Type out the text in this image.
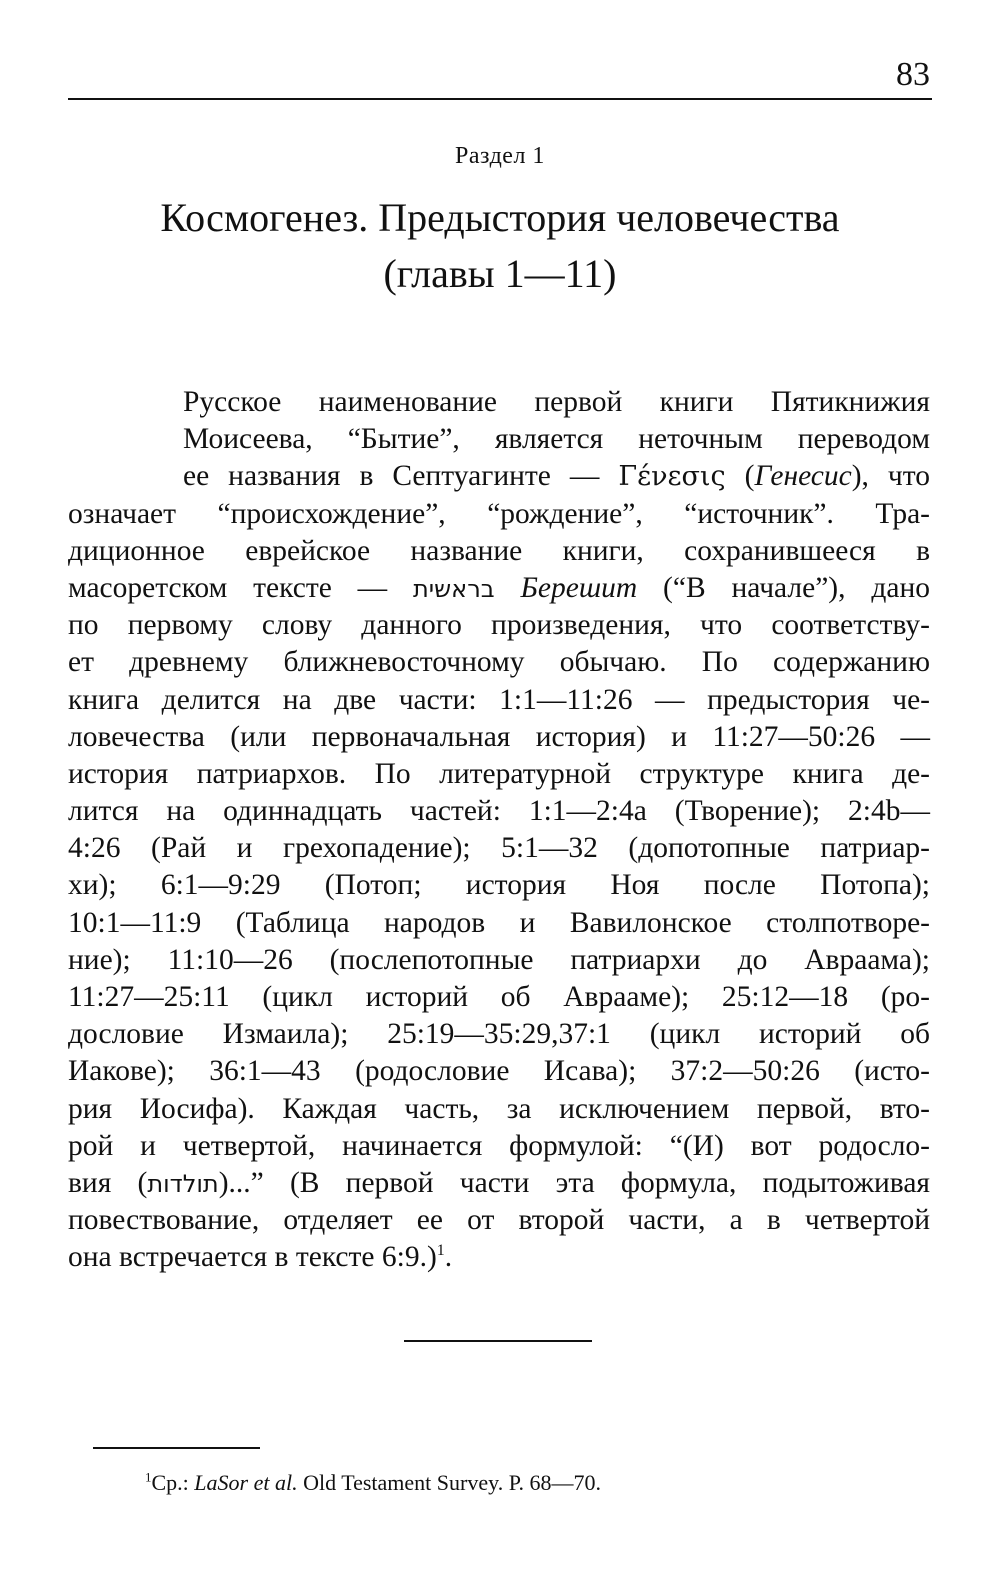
83
Раздел 1
Космогенез. Предыстория человечества
(главы 1—11)
Русское наименование первой книги Пятикнижия
Моисеева, “Бытие”, является неточным переводом
ее названия в Септуагинте — Γένεσις (Генесис), что
означает “происхождение”, “рождение”, “источник”. Тра-
диционное еврейское название книги, сохранившееся в
масоретском тексте — בראשית Берешит (“В начале”), дано
по первому слову данного произведения, что соответству-
ет древнему ближневосточному обычаю. По содержанию
книга делится на две части: 1:1—11:26 — предыстория че-
ловечества (или первоначальная история) и 11:27—50:26 —
история патриархов. По литературной структуре книга де-
лится на одиннадцать частей: 1:1—2:4a (Творение); 2:4b—
4:26 (Рай и грехопадение); 5:1—32 (допотопные патриар-
хи); 6:1—9:29 (Потоп; история Ноя после Потопа);
10:1—11:9 (Таблица народов и Вавилонское столпотворе-
ние); 11:10—26 (послепотопные патриархи до Авраама);
11:27—25:11 (цикл историй об Аврааме); 25:12—18 (ро-
дословие Измаила); 25:19—35:29,37:1 (цикл историй об
Иакове); 36:1—43 (родословие Исава); 37:2—50:26 (исто-
рия Иосифа). Каждая часть, за исключением первой, вто-
рой и четвертой, начинается формулой: “(И) вот родосло-
вия (תולדות)...” (В первой части эта формула, подытоживая
повествование, отделяет ее от второй части, а в четвертой
она встречается в тексте 6:9.)$^1$.
$^1$Ср.: LaSor et al. Old Testament Survey. P. 68—70.
